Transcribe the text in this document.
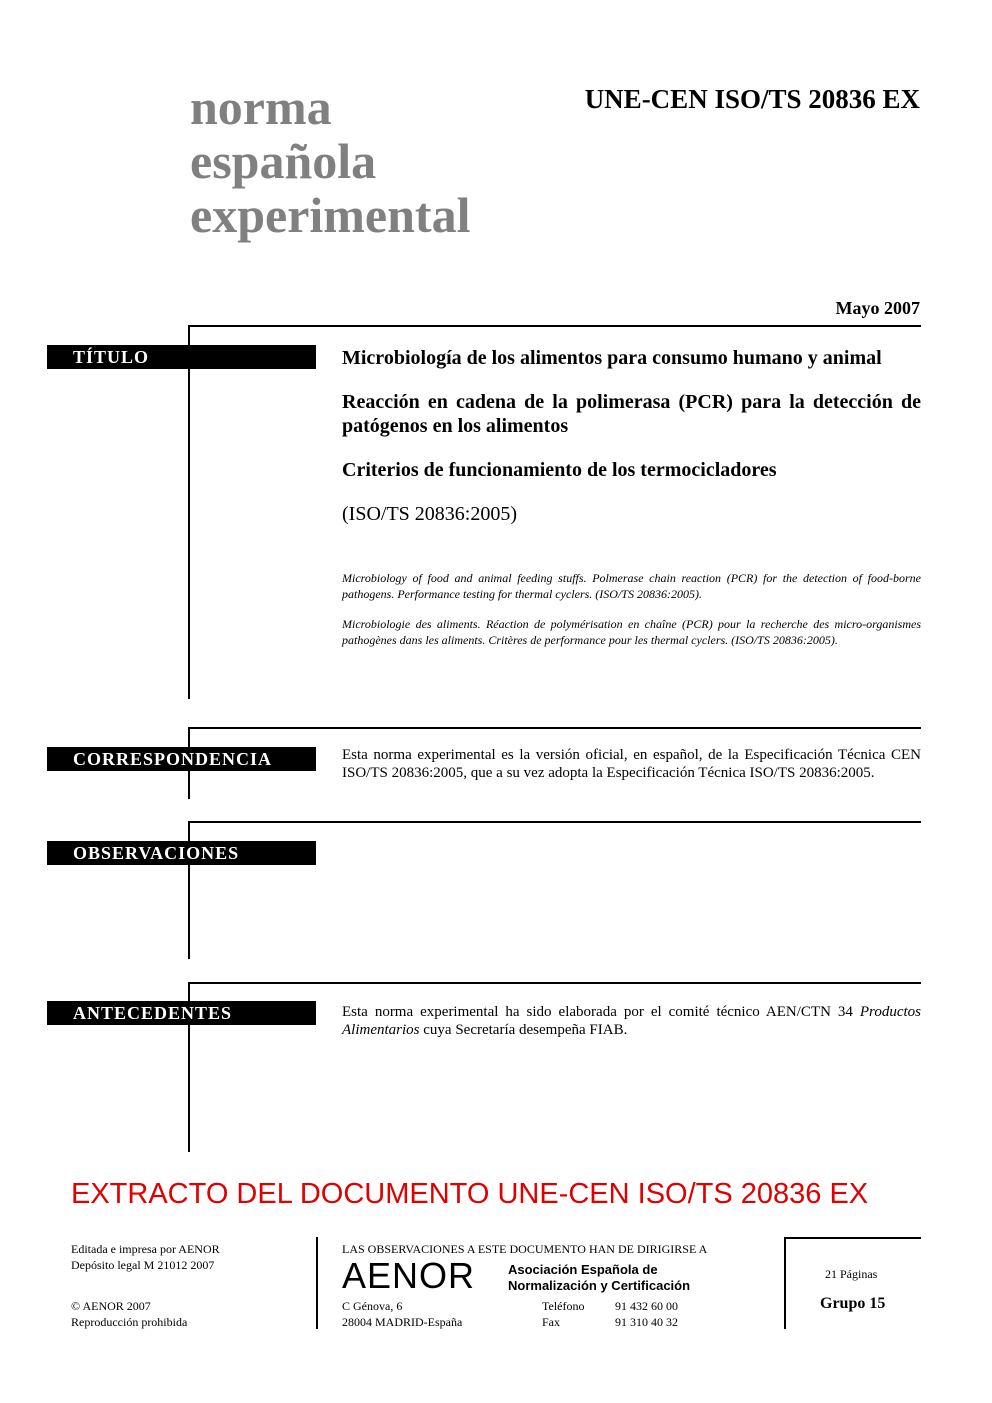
norma
española
experimental
UNE-CEN ISO/TS 20836 EX
Mayo 2007
TÍTULO	Microbiología de los alimentos para consumo humano y animal

Reacción en cadena de la polimerasa (PCR) para la detección de patógenos en los alimentos

Criterios de funcionamiento de los termocicladores

(ISO/TS 20836:2005)

Microbiology of food and animal feeding stuffs. Polmerase chain reaction (PCR) for the detection of food-borne pathogens. Performance testing for thermal cyclers. (ISO/TS 20836:2005).

Microbiologie des aliments. Réaction de polymérisation en chaîne (PCR) pour la recherche des micro-organismes pathogènes dans les aliments. Critères de performance pour les thermal cyclers. (ISO/TS 20836:2005).

CORRESPONDENCIA	Esta norma experimental es la versión oficial, en español, de la Especificación Técnica CEN ISO/TS 20836:2005, que a su vez adopta la Especificación Técnica ISO/TS 20836:2005.
OBSERVACIONES
ANTECEDENTES	Esta norma experimental ha sido elaborada por el comité técnico AEN/CTN 34 Productos Alimentarios cuya Secretaría desempeña FIAB.
EXTRACTO DEL DOCUMENTO UNE-CEN ISO/TS 20836 EX
Editada e impresa por AENOR
Depósito legal M 21012 2007
© AENOR 2007
Reproducción prohibida
LAS OBSERVACIONES A ESTE DOCUMENTO HAN DE DIRIGIRSE A
AENOR	Asociación Española de
Normalización y Certificación
C Génova, 6
28004 MADRID-España
Teléfono	91 432 60 00
Fax	91 310 40 32
21 Páginas
Grupo 15
